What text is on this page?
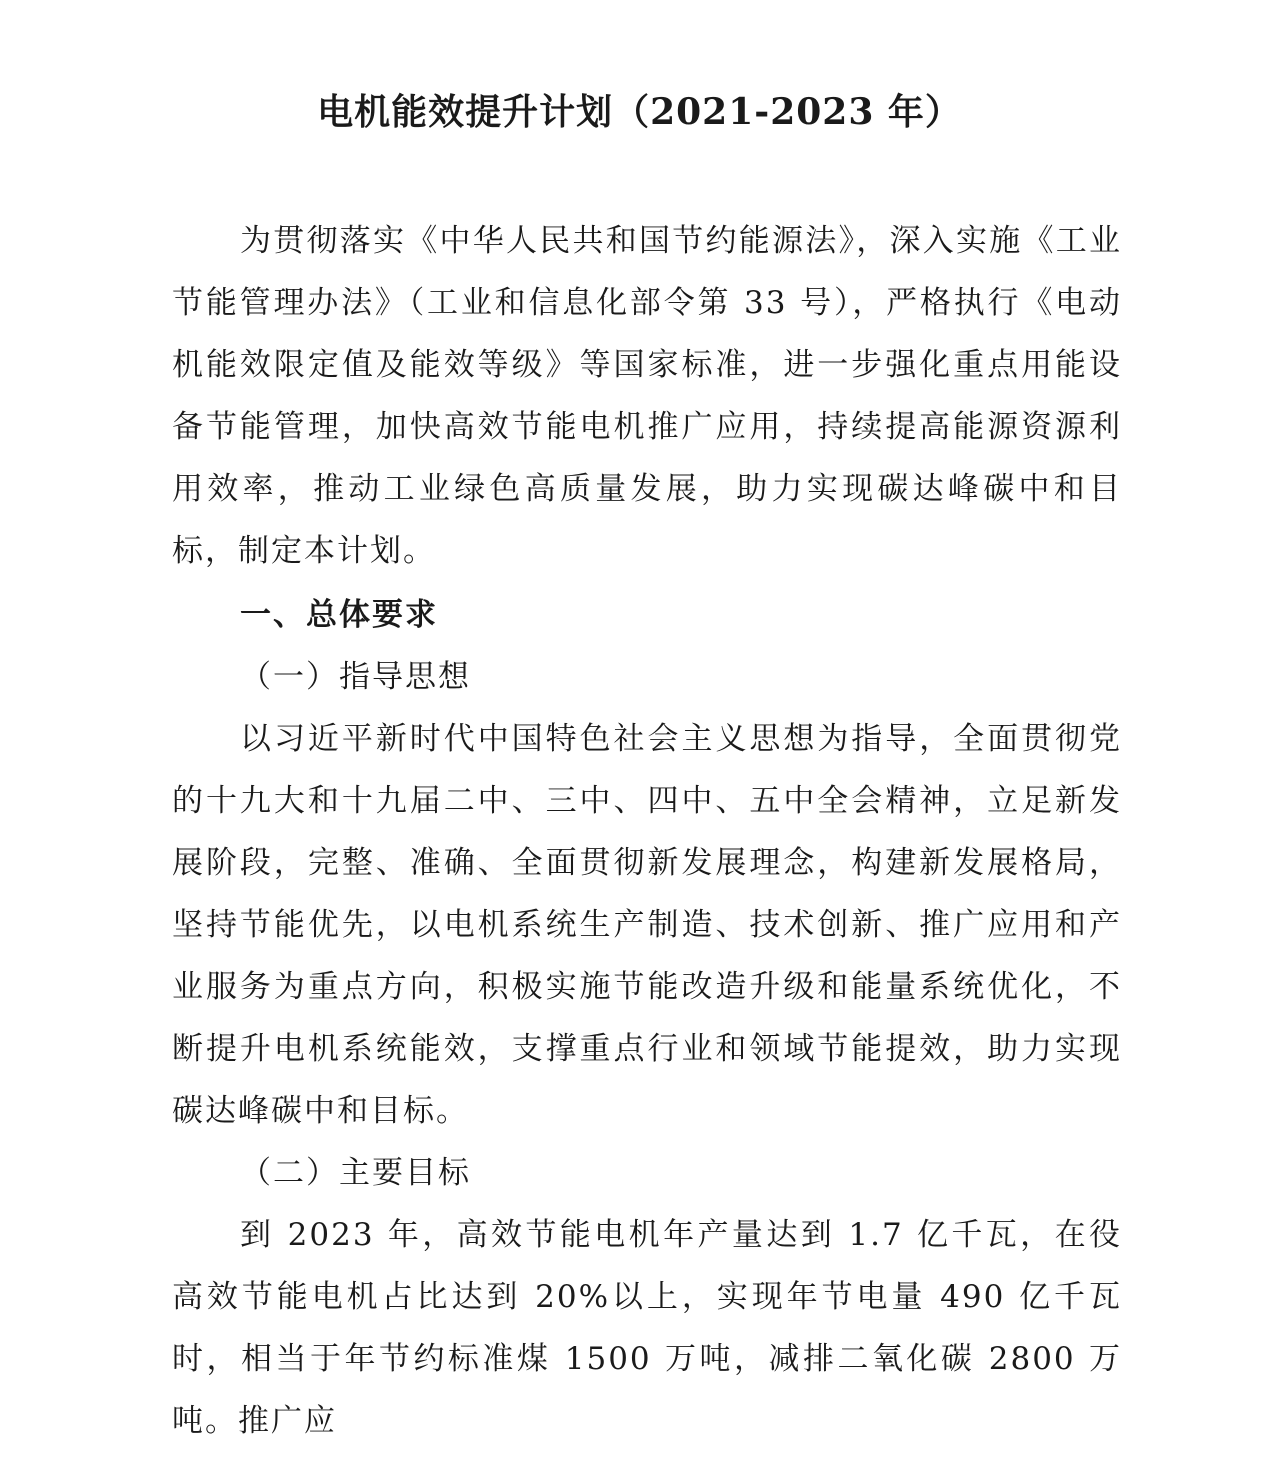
电机能效提升计划（2021-2023 年）

为贯彻落实《中华人民共和国节约能源法》，深入实施《工业节能管理办法》（工业和信息化部令第 33 号），严格执行《电动机能效限定值及能效等级》等国家标准，进一步强化重点用能设备节能管理，加快高效节能电机推广应用，持续提高能源资源利用效率，推动工业绿色高质量发展，助力实现碳达峰碳中和目标，制定本计划。

一、总体要求
（一）指导思想

以习近平新时代中国特色社会主义思想为指导，全面贯彻党的十九大和十九届二中、三中、四中、五中全会精神，立足新发展阶段，完整、准确、全面贯彻新发展理念，构建新发展格局，坚持节能优先，以电机系统生产制造、技术创新、推广应用和产业服务为重点方向，积极实施节能改造升级和能量系统优化，不断提升电机系统能效，支撑重点行业和领域节能提效，助力实现碳达峰碳中和目标。

（二）主要目标

到 2023 年，高效节能电机年产量达到 1.7 亿千瓦，在役高效节能电机占比达到 20%以上，实现年节电量 490 亿千瓦时，相当于年节约标准煤 1500 万吨，减排二氧化碳 2800 万吨。推广应
